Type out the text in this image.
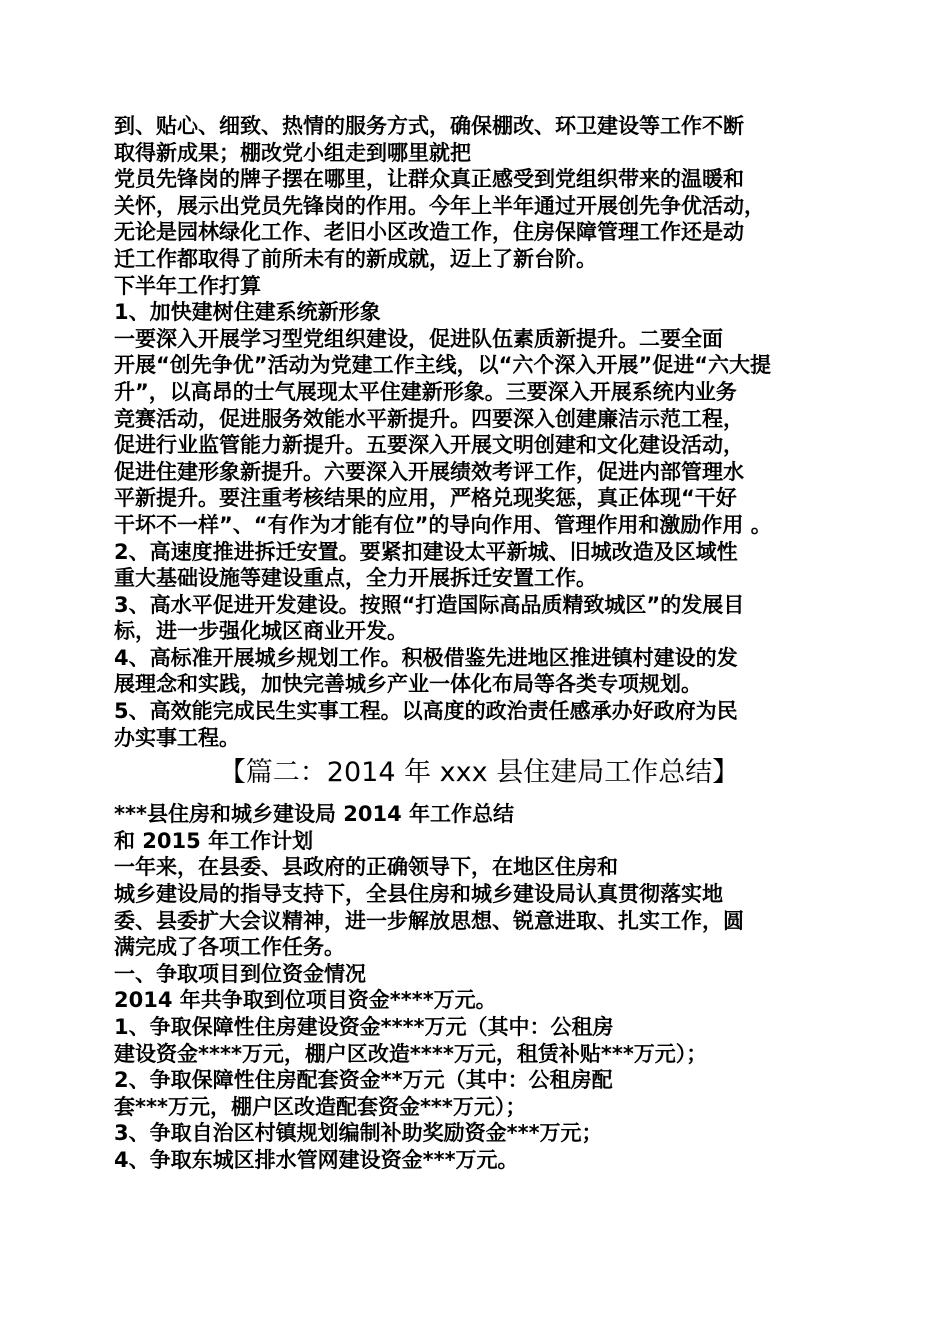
到、贴心、细致、热情的服务方式，确保棚改、环卫建设等工作不断
取得新成果；棚改党小组走到哪里就把
党员先锋岗的牌子摆在哪里，让群众真正感受到党组织带来的温暖和
关怀，展示出党员先锋岗的作用。今年上半年通过开展创先争优活动，
无论是园林绿化工作、老旧小区改造工作，住房保障管理工作还是动
迁工作都取得了前所未有的新成就，迈上了新台阶。
下半年工作打算
1、加快建树住建系统新形象
一要深入开展学习型党组织建设，促进队伍素质新提升。二要全面
开展“创先争优”活动为党建工作主线，以“六个深入开展”促进“六大提
升”，以高昂的士气展现太平住建新形象。三要深入开展系统内业务
竞赛活动，促进服务效能水平新提升。四要深入创建廉洁示范工程，
促进行业监管能力新提升。五要深入开展文明创建和文化建设活动，
促进住建形象新提升。六要深入开展绩效考评工作，促进内部管理水
平新提升。要注重考核结果的应用，严格兑现奖惩，真正体现“干好
干坏不一样”、“有作为才能有位”的导向作用、管理作用和激励作用 。
2、高速度推进拆迁安置。要紧扣建设太平新城、旧城改造及区域性
重大基础设施等建设重点，全力开展拆迁安置工作。
3、高水平促进开发建设。按照“打造国际高品质精致城区”的发展目
标，进一步强化城区商业开发。
4、高标准开展城乡规划工作。积极借鉴先进地区推进镇村建设的发
展理念和实践，加快完善城乡产业一体化布局等各类专项规划。
5、高效能完成民生实事工程。以高度的政治责任感承办好政府为民
办实事工程。
【篇二：2014 年 xxx 县住建局工作总结】
***县住房和城乡建设局 2014 年工作总结
和 2015 年工作计划
一年来，在县委、县政府的正确领导下，在地区住房和
城乡建设局的指导支持下，全县住房和城乡建设局认真贯彻落实地
委、县委扩大会议精神，进一步解放思想、锐意进取、扎实工作，圆
满完成了各项工作任务。
一、争取项目到位资金情况
2014 年共争取到位项目资金****万元。
1、争取保障性住房建设资金****万元（其中：公租房
建设资金****万元，棚户区改造****万元，租赁补贴***万元）；
2、争取保障性住房配套资金**万元（其中：公租房配
套***万元，棚户区改造配套资金***万元）；
3、争取自治区村镇规划编制补助奖励资金***万元；
4、争取东城区排水管网建设资金***万元。
